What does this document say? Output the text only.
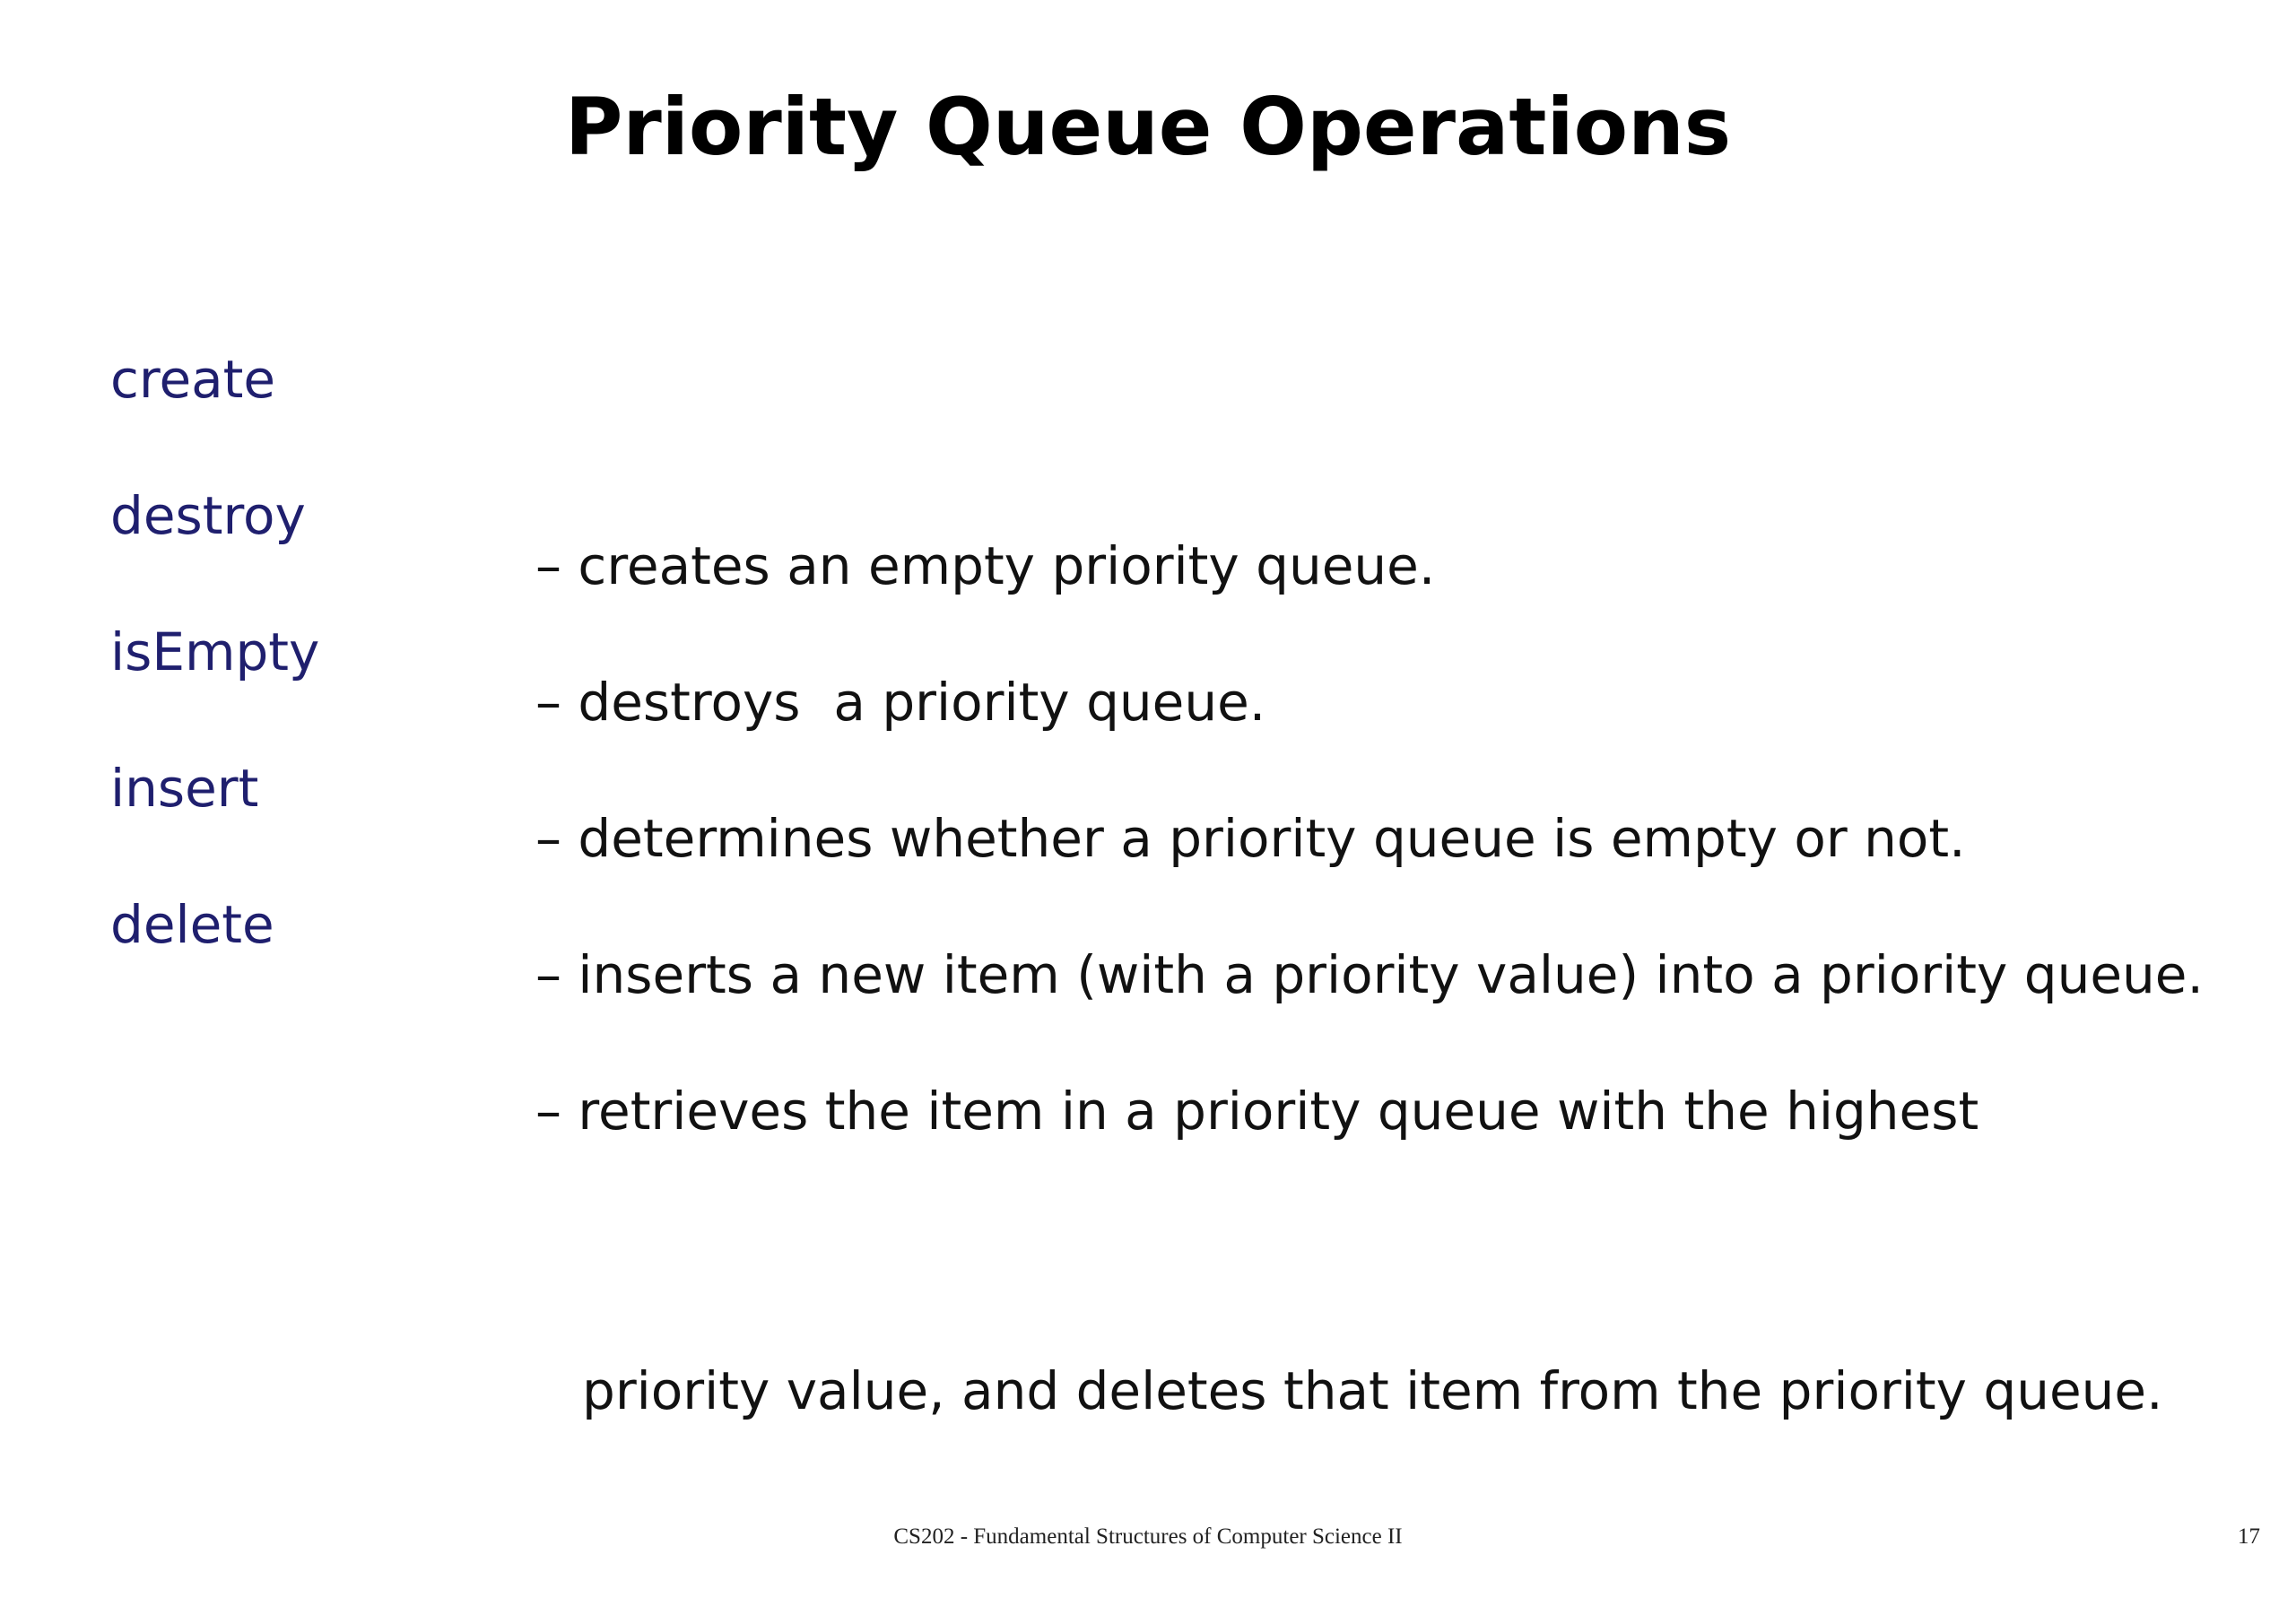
Priority Queue Operations
create

– creates an empty priority queue.

destroy

– destroys  a priority queue.

isEmpty

– determines whether a priority queue is empty or not.

insert

– inserts a new item (with a priority value) into a priority queue.

delete

– retrieves the item in a priority queue with the highest

priority value, and deletes that item from the priority queue.

CS202 - Fundamental Structures of Computer Science II	17
